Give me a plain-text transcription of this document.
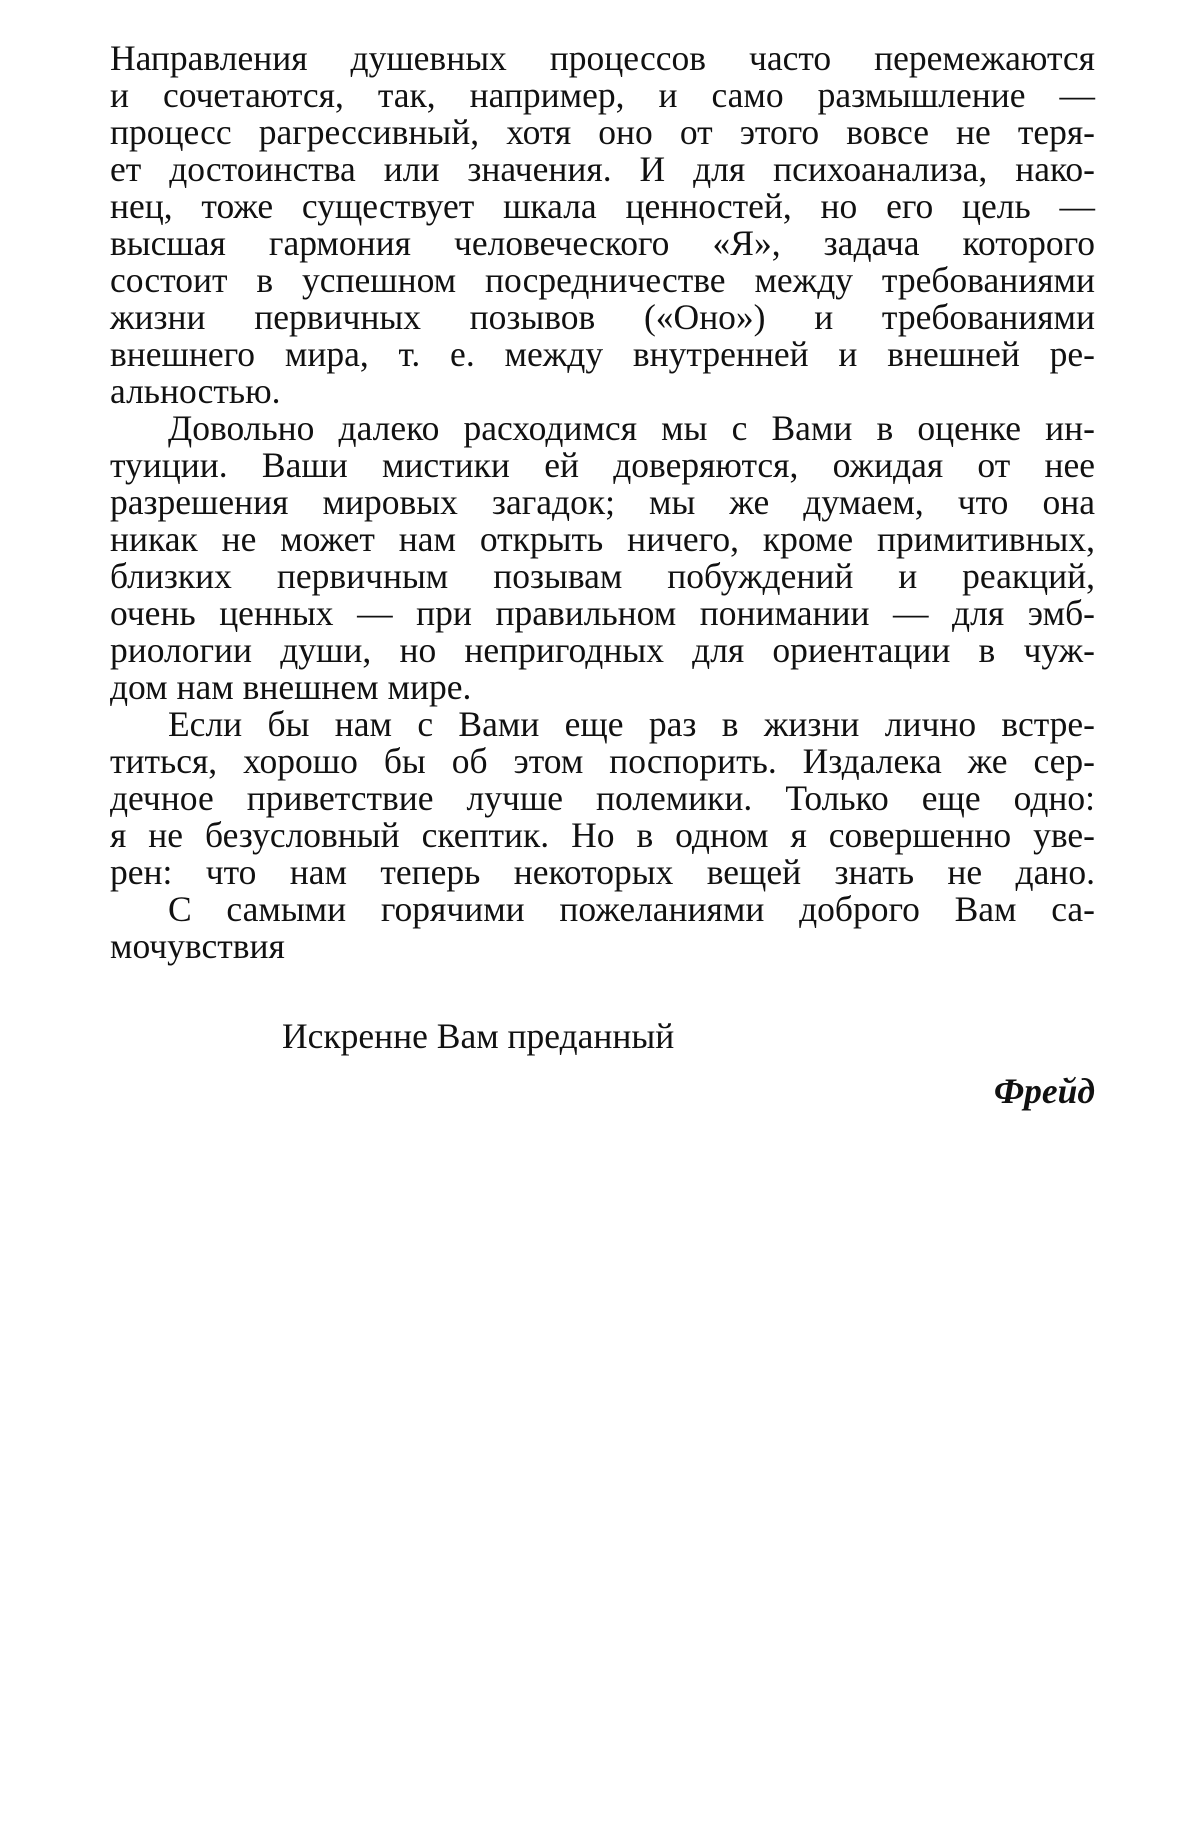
Направления душевных процессов часто перемежаются
и сочетаются, так, например, и само размышление —
процесс рагрессивный, хотя оно от этого вовсе не теря-
ет достоинства или значения. И для психоанализа, нако-
нец, тоже существует шкала ценностей, но его цель —
высшая гармония человеческого «Я», задача которого
состоит в успешном посредничестве между требованиями
жизни первичных позывов («Оно») и требованиями
внешнего мира, т. е. между внутренней и внешней ре-
альностью.
Довольно далеко расходимся мы с Вами в оценке ин-
туиции. Ваши мистики ей доверяются, ожидая от нее
разрешения мировых загадок; мы же думаем, что она
никак не может нам открыть ничего, кроме примитивных,
близких первичным позывам побуждений и реакций,
очень ценных — при правильном понимании — для эмб-
риологии души, но непригодных для ориентации в чуж-
дом нам внешнем мире.
Если бы нам с Вами еще раз в жизни лично встре-
титься, хорошо бы об этом поспорить. Издалека же сер-
дечное приветствие лучше полемики. Только еще одно:
я не безусловный скептик. Но в одном я совершенно уве-
рен: что нам теперь некоторых вещей знать не дано.
С самыми горячими пожеланиями доброго Вам са-
мочувствия
Искренне Вам преданный
Фрейд
